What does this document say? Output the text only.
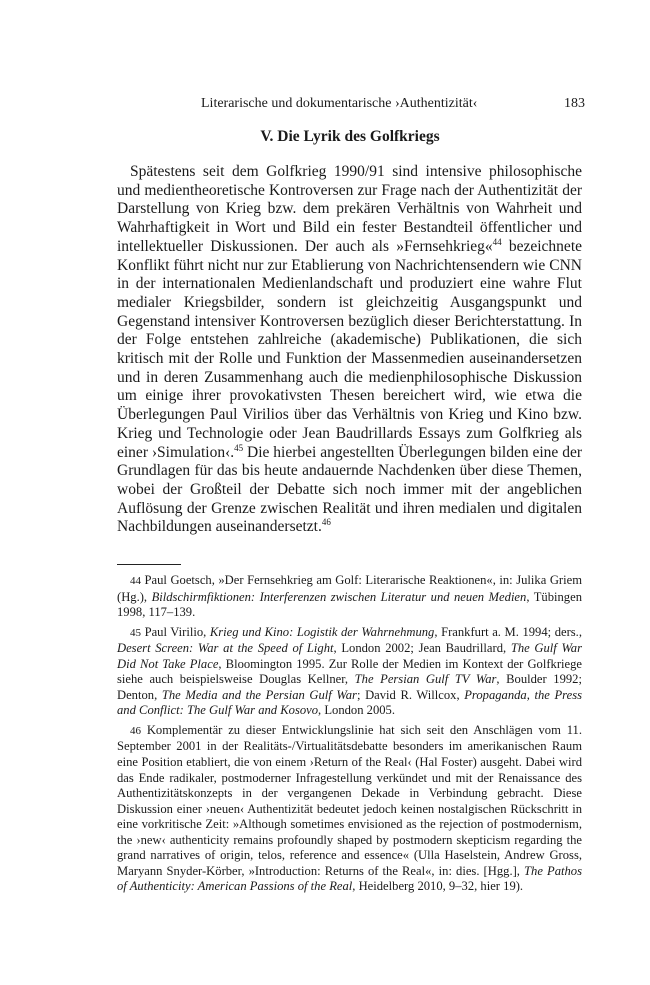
Literarische und dokumentarische ›Authentizität‹	183
V. Die Lyrik des Golfkriegs

Spätestens seit dem Golfkrieg 1990/91 sind intensive philosophische und medientheoretische Kontroversen zur Frage nach der Authentizität der Darstellung von Krieg bzw. dem prekären Verhältnis von Wahrheit und Wahrhaftigkeit in Wort und Bild ein fester Bestandteil öffentlicher und intellektueller Diskussionen. Der auch als »Fernsehkrieg«$^{44}$ bezeichnete Konflikt führt nicht nur zur Etablierung von Nachrichtensendern wie CNN in der internationalen Medienlandschaft und produziert eine wahre Flut medialer Kriegsbilder, sondern ist gleichzeitig Ausgangspunkt und Gegenstand intensiver Kontroversen bezüglich dieser Berichterstattung. In der Folge entstehen zahlreiche (akademische) Publikationen, die sich kritisch mit der Rolle und Funktion der Massenmedien auseinandersetzen und in deren Zusammenhang auch die medienphilosophische Diskussion um einige ihrer provokativsten Thesen bereichert wird, wie etwa die Überlegungen Paul Virilios über das Verhältnis von Krieg und Kino bzw. Krieg und Technologie oder Jean Baudrillards Essays zum Golfkrieg als einer ›Simulation‹.$^{45}$ Die hierbei angestellten Überlegungen bilden eine der Grundlagen für das bis heute andauernde Nachdenken über diese Themen, wobei der Großteil der Debatte sich noch immer mit der angeblichen Auflösung der Grenze zwischen Realität und ihren medialen und digitalen Nachbildungen auseinandersetzt.$^{46}$

44 Paul Goetsch, »Der Fernsehkrieg am Golf: Literarische Reaktionen«, in: Julika Griem (Hg.), Bildschirmfiktionen: Interferenzen zwischen Literatur und neuen Medien, Tübingen 1998, 117–139.

45 Paul Virilio, Krieg und Kino: Logistik der Wahrnehmung, Frankfurt a. M. 1994; ders., Desert Screen: War at the Speed of Light, London 2002; Jean Baudrillard, The Gulf War Did Not Take Place, Bloomington 1995. Zur Rolle der Medien im Kontext der Golfkriege siehe auch beispielsweise Douglas Kellner, The Persian Gulf TV War, Boulder 1992; Denton, The Media and the Persian Gulf War; David R. Willcox, Propaganda, the Press and Conflict: The Gulf War and Kosovo, London 2005.

46 Komplementär zu dieser Entwicklungslinie hat sich seit den Anschlägen vom 11. September 2001 in der Realitäts-/Virtualitätsdebatte besonders im amerikanischen Raum eine Position etabliert, die von einem ›Return of the Real‹ (Hal Foster) ausgeht. Dabei wird das Ende radikaler, postmoderner Infragestellung verkündet und mit der Renaissance des Authentizitätskonzepts in der vergangenen Dekade in Verbindung gebracht. Diese Diskussion einer ›neuen‹ Authentizität bedeutet jedoch keinen nostalgischen Rückschritt in eine vorkritische Zeit: »Although sometimes envisioned as the rejection of postmodernism, the ›new‹ authenticity remains profoundly shaped by postmodern skepticism regarding the grand narratives of origin, telos, reference and essence« (Ulla Haselstein, Andrew Gross, Maryann Snyder-Körber, »Introduction: Returns of the Real«, in: dies. [Hgg.], The Pathos of Authenticity: American Passions of the Real, Heidelberg 2010, 9–32, hier 19).
